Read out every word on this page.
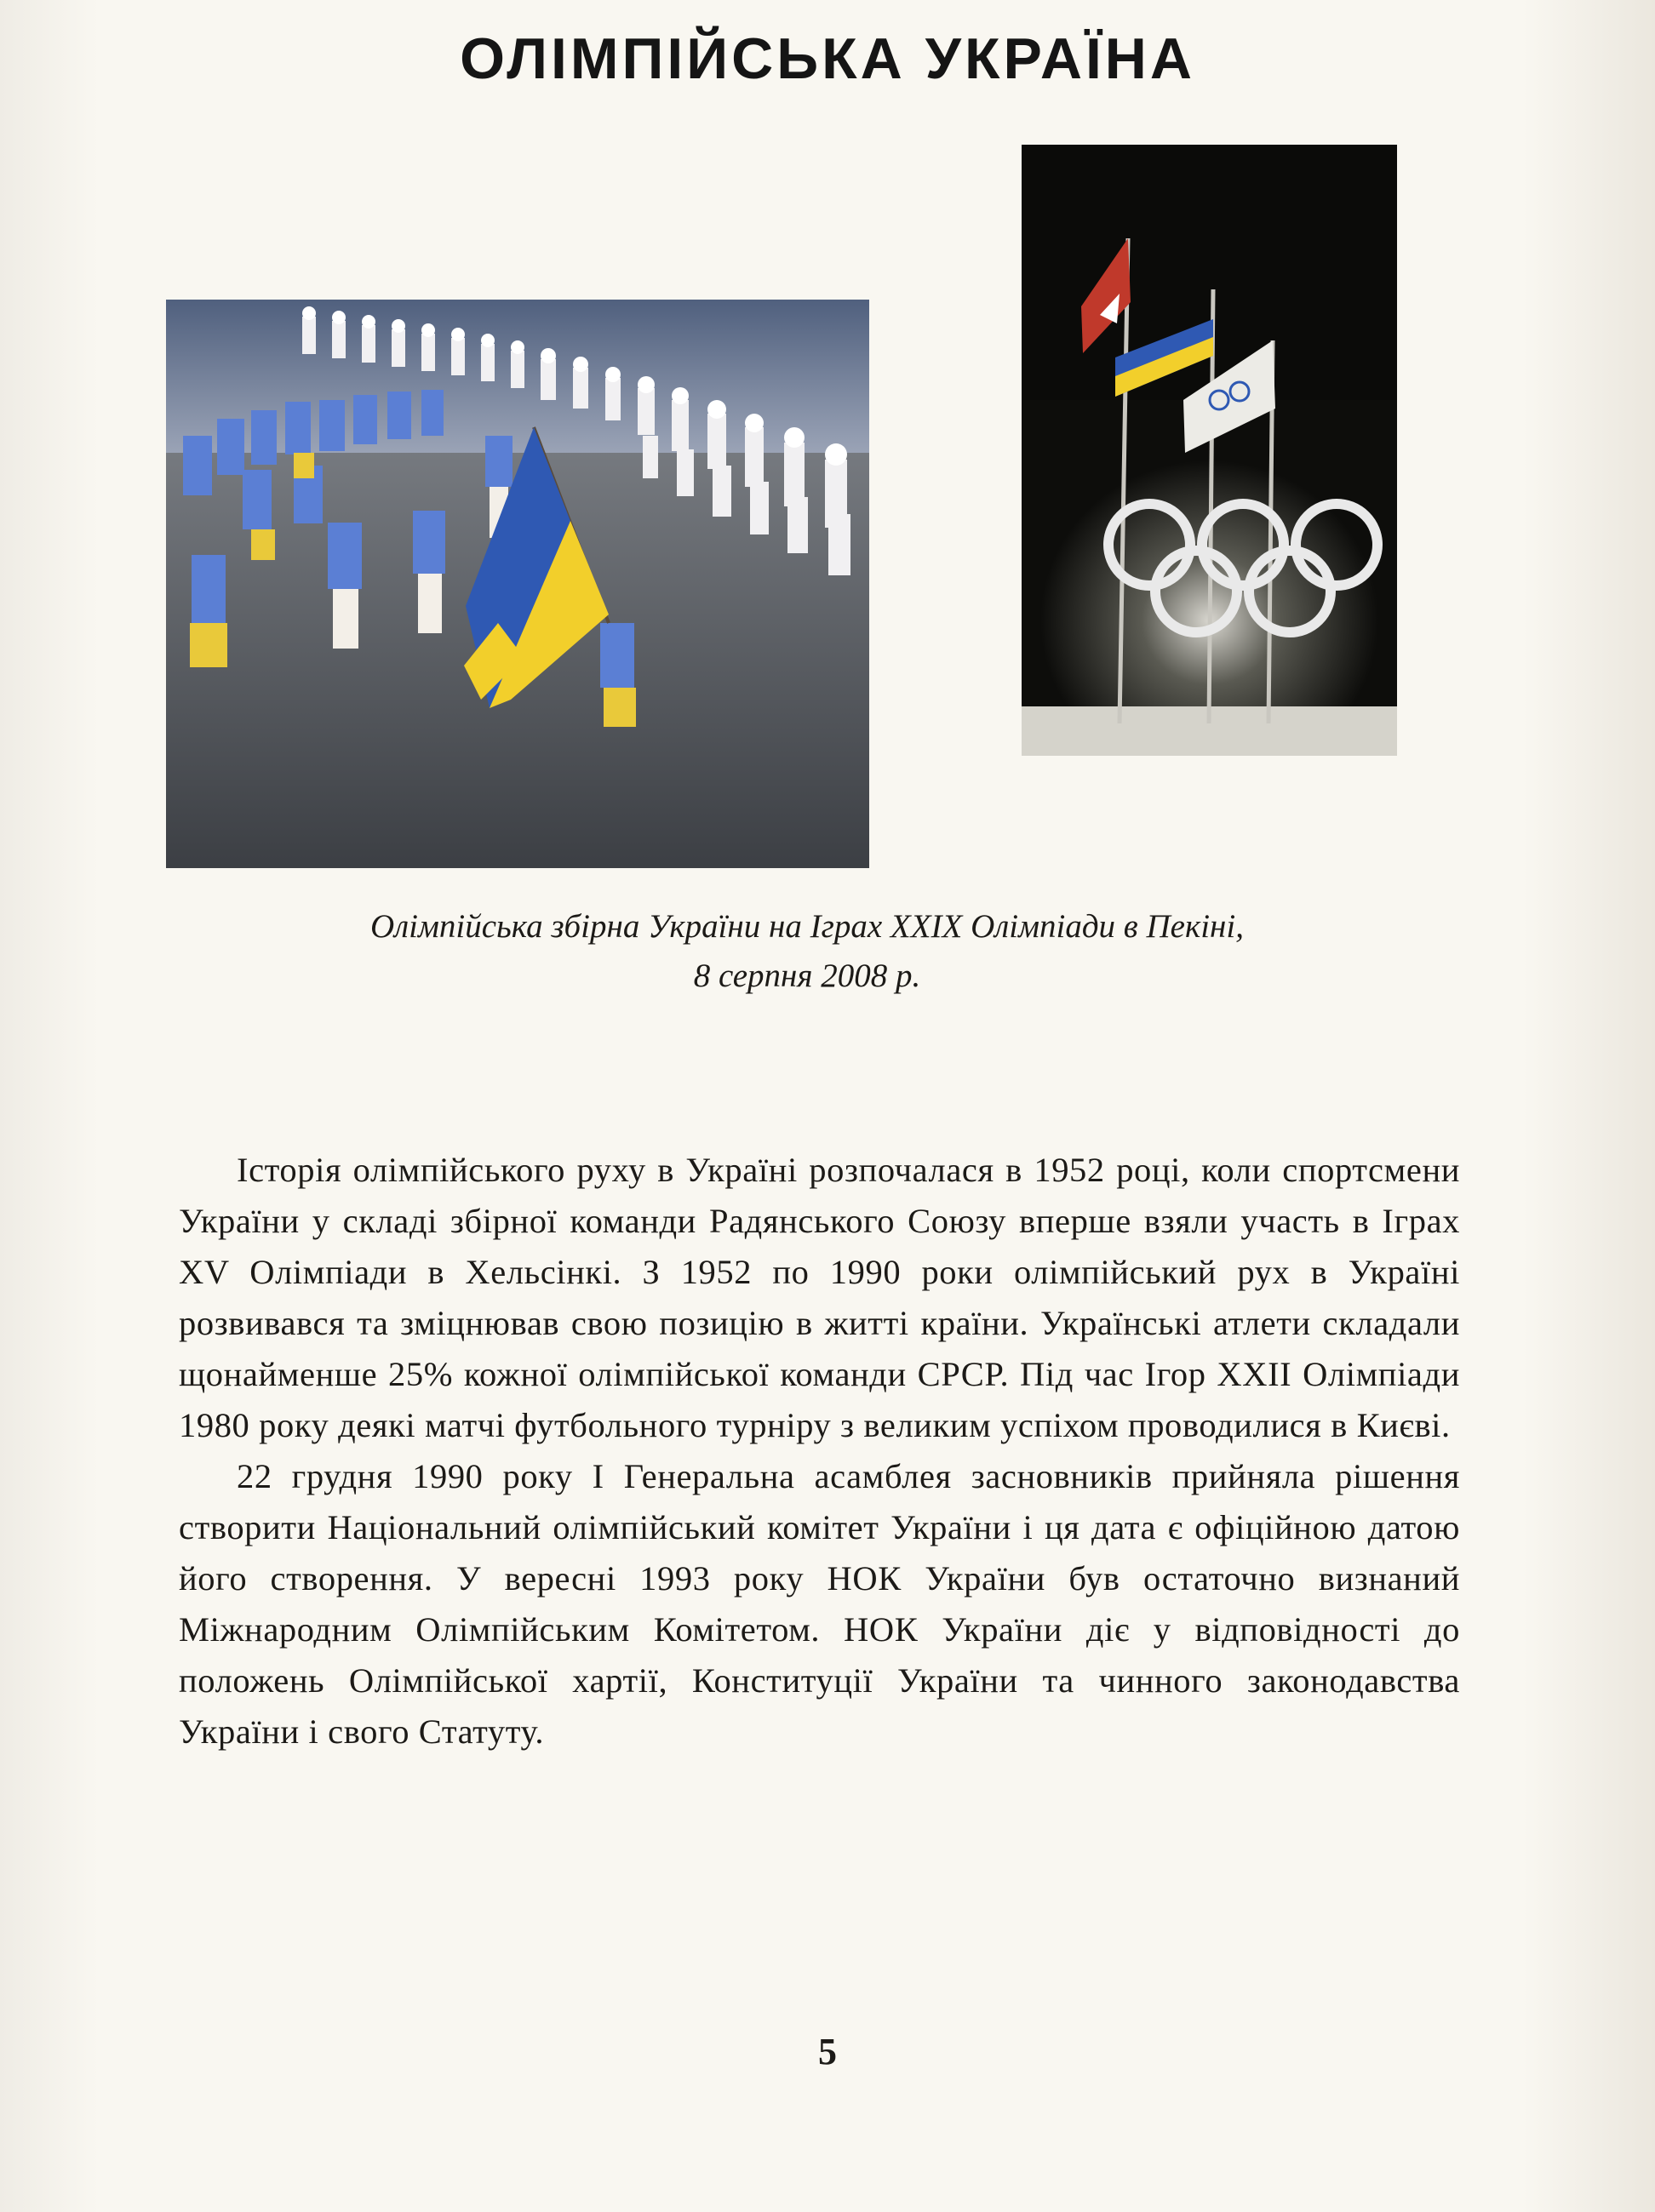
ОЛІМПІЙСЬКА УКРАЇНА
Олімпійська збірна України на Іграх XXIX Олімпіади в Пекіні,
8 серпня 2008 р.

Історія олімпійського руху в Україні розпочалася в 1952 році, коли спортсмени України у складі збірної команди Радянського Союзу вперше взяли участь в Іграх XV Олімпіади в Хельсінкі. З 1952 по 1990 роки олімпійський рух в Україні розвивався та зміцнював свою позицію в житті країни. Українські атлети складали щонайменше 25% кожної олімпійської команди СРСР. Під час Ігор XXII Олімпіади 1980 року деякі матчі футбольного турніру з великим успіхом проводилися в Києві.

22 грудня 1990 року І Генеральна асамблея засновників прийняла рішення створити Національний олімпійський комітет України і ця дата є офіційною датою його створення. У вересні 1993 року НОК України був остаточно визнаний Міжнародним Олімпійським Комітетом. НОК України діє у відповідності до положень Олімпійської хартії, Конституції України та чинного законодавства України і свого Статуту.

5
